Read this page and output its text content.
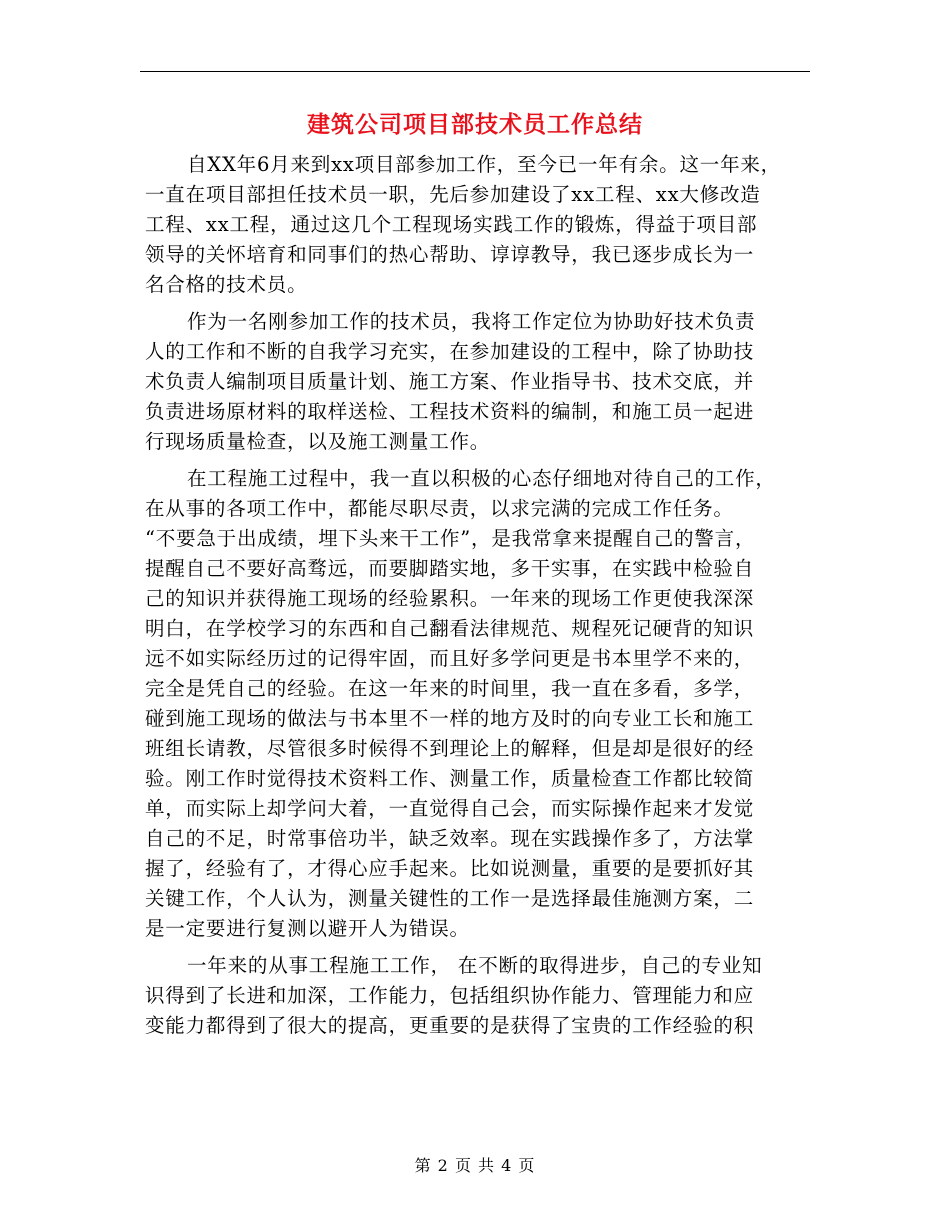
建筑公司项目部技术员工作总结
自XX年6月来到xx项目部参加工作，至今已一年有余。这一年来，
一直在项目部担任技术员一职，先后参加建设了xx工程、xx大修改造
工程、xx工程，通过这几个工程现场实践工作的锻炼，得益于项目部
领导的关怀培育和同事们的热心帮助、谆谆教导，我已逐步成长为一
名合格的技术员。
作为一名刚参加工作的技术员，我将工作定位为协助好技术负责
人的工作和不断的自我学习充实，在参加建设的工程中，除了协助技
术负责人编制项目质量计划、施工方案、作业指导书、技术交底，并
负责进场原材料的取样送检、工程技术资料的编制，和施工员一起进
行现场质量检查，以及施工测量工作。
在工程施工过程中，我一直以积极的心态仔细地对待自己的工作，
在从事的各项工作中，都能尽职尽责，以求完满的完成工作任务。
“不要急于出成绩，埋下头来干工作”，是我常拿来提醒自己的警言，
提醒自己不要好高骛远，而要脚踏实地，多干实事，在实践中检验自
己的知识并获得施工现场的经验累积。一年来的现场工作更使我深深
明白，在学校学习的东西和自己翻看法律规范、规程死记硬背的知识
远不如实际经历过的记得牢固，而且好多学问更是书本里学不来的，
完全是凭自己的经验。在这一年来的时间里，我一直在多看，多学，
碰到施工现场的做法与书本里不一样的地方及时的向专业工长和施工
班组长请教，尽管很多时候得不到理论上的解释，但是却是很好的经
验。刚工作时觉得技术资料工作、测量工作，质量检查工作都比较简
单，而实际上却学问大着，一直觉得自己会，而实际操作起来才发觉
自己的不足，时常事倍功半，缺乏效率。现在实践操作多了，方法掌
握了，经验有了，才得心应手起来。比如说测量，重要的是要抓好其
关键工作，个人认为，测量关键性的工作一是选择最佳施测方案，二
是一定要进行复测以避开人为错误。
一年来的从事工程施工工作， 在不断的取得进步，自己的专业知
识得到了长进和加深，工作能力，包括组织协作能力、管理能力和应
变能力都得到了很大的提高，更重要的是获得了宝贵的工作经验的积
第 2 页 共 4 页
